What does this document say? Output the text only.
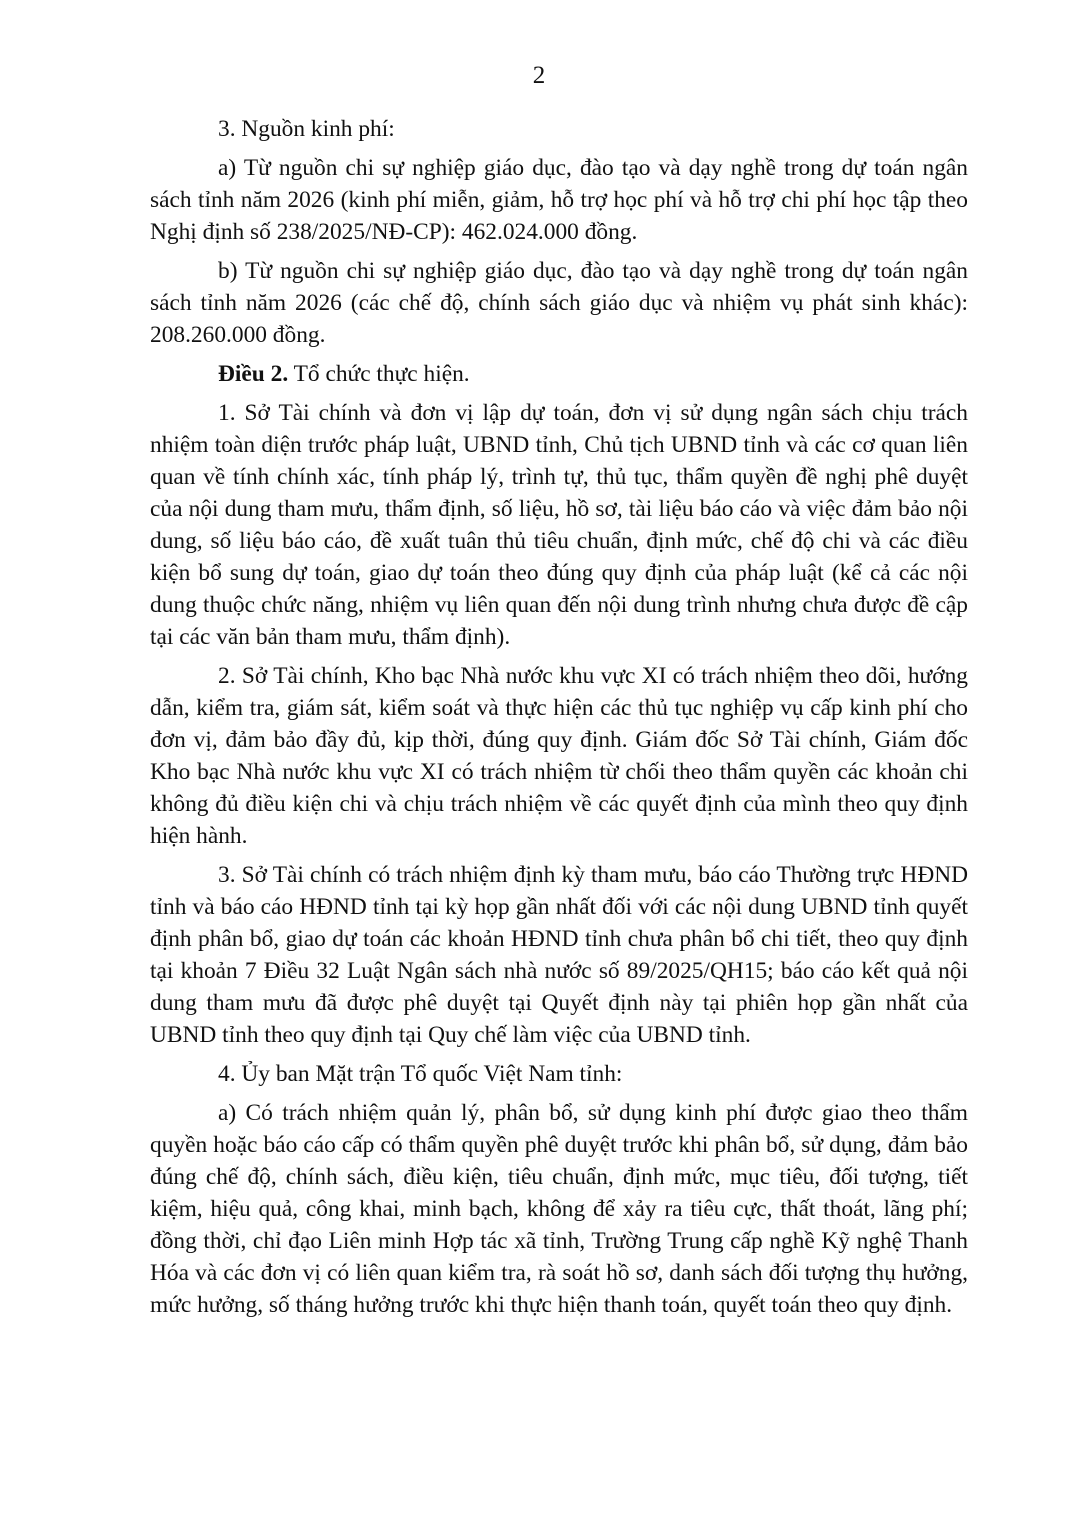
2

3. Nguồn kinh phí:

a) Từ nguồn chi sự nghiệp giáo dục, đào tạo và dạy nghề trong dự toán ngân sách tỉnh năm 2026 (kinh phí miễn, giảm, hỗ trợ học phí và hỗ trợ chi phí học tập theo Nghị định số 238/2025/NĐ-CP): 462.024.000 đồng.

b) Từ nguồn chi sự nghiệp giáo dục, đào tạo và dạy nghề trong dự toán ngân sách tỉnh năm 2026 (các chế độ, chính sách giáo dục và nhiệm vụ phát sinh khác): 208.260.000 đồng.

Điều 2. Tổ chức thực hiện.

1. Sở Tài chính và đơn vị lập dự toán, đơn vị sử dụng ngân sách chịu trách nhiệm toàn diện trước pháp luật, UBND tỉnh, Chủ tịch UBND tỉnh và các cơ quan liên quan về tính chính xác, tính pháp lý, trình tự, thủ tục, thẩm quyền đề nghị phê duyệt của nội dung tham mưu, thẩm định, số liệu, hồ sơ, tài liệu báo cáo và việc đảm bảo nội dung, số liệu báo cáo, đề xuất tuân thủ tiêu chuẩn, định mức, chế độ chi và các điều kiện bổ sung dự toán, giao dự toán theo đúng quy định của pháp luật (kể cả các nội dung thuộc chức năng, nhiệm vụ liên quan đến nội dung trình nhưng chưa được đề cập tại các văn bản tham mưu, thẩm định).

2. Sở Tài chính, Kho bạc Nhà nước khu vực XI có trách nhiệm theo dõi, hướng dẫn, kiểm tra, giám sát, kiểm soát và thực hiện các thủ tục nghiệp vụ cấp kinh phí cho đơn vị, đảm bảo đầy đủ, kịp thời, đúng quy định. Giám đốc Sở Tài chính, Giám đốc Kho bạc Nhà nước khu vực XI có trách nhiệm từ chối theo thẩm quyền các khoản chi không đủ điều kiện chi và chịu trách nhiệm về các quyết định của mình theo quy định hiện hành.

3. Sở Tài chính có trách nhiệm định kỳ tham mưu, báo cáo Thường trực HĐND tỉnh và báo cáo HĐND tỉnh tại kỳ họp gần nhất đối với các nội dung UBND tỉnh quyết định phân bổ, giao dự toán các khoản HĐND tỉnh chưa phân bổ chi tiết, theo quy định tại khoản 7 Điều 32 Luật Ngân sách nhà nước số 89/2025/QH15; báo cáo kết quả nội dung tham mưu đã được phê duyệt tại Quyết định này tại phiên họp gần nhất của UBND tỉnh theo quy định tại Quy chế làm việc của UBND tỉnh.

4. Ủy ban Mặt trận Tổ quốc Việt Nam tỉnh:

a) Có trách nhiệm quản lý, phân bổ, sử dụng kinh phí được giao theo thẩm quyền hoặc báo cáo cấp có thẩm quyền phê duyệt trước khi phân bổ, sử dụng, đảm bảo đúng chế độ, chính sách, điều kiện, tiêu chuẩn, định mức, mục tiêu, đối tượng, tiết kiệm, hiệu quả, công khai, minh bạch, không để xảy ra tiêu cực, thất thoát, lãng phí; đồng thời, chỉ đạo Liên minh Hợp tác xã tỉnh, Trường Trung cấp nghề Kỹ nghệ Thanh Hóa và các đơn vị có liên quan kiểm tra, rà soát hồ sơ, danh sách đối tượng thụ hưởng, mức hưởng, số tháng hưởng trước khi thực hiện thanh toán, quyết toán theo quy định.
